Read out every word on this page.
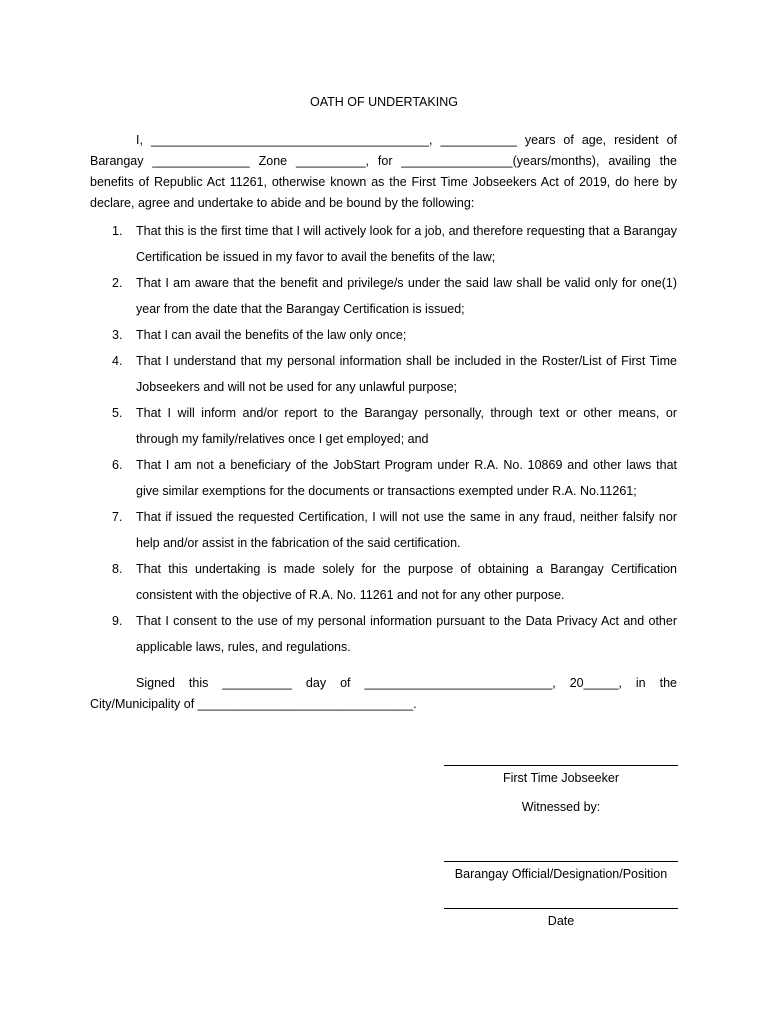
OATH OF UNDERTAKING
I, ________________________________________, ___________ years of age, resident of Barangay ______________ Zone __________, for ________________(years/months), availing the benefits of Republic Act 11261, otherwise known as the First Time Jobseekers Act of 2019, do here by declare, agree and undertake to abide and be bound by the following:
1. That this is the first time that I will actively look for a job, and therefore requesting that a Barangay Certification be issued in my favor to avail the benefits of the law;
2. That I am aware that the benefit and privilege/s under the said law shall be valid only for one(1) year from the date that the Barangay Certification is issued;
3. That I can avail the benefits of the law only once;
4. That I understand that my personal information shall be included in the Roster/List of First Time Jobseekers and will not be used for any unlawful purpose;
5. That I will inform and/or report to the Barangay personally, through text or other means, or through my family/relatives once I get employed; and
6. That I am not a beneficiary of the JobStart Program under R.A. No. 10869 and other laws that give similar exemptions for the documents or transactions exempted under R.A. No.11261;
7. That if issued the requested Certification, I will not use the same in any fraud, neither falsify nor help and/or assist in the fabrication of the said certification.
8. That this undertaking is made solely for the purpose of obtaining a Barangay Certification consistent with the objective of R.A. No. 11261 and not for any other purpose.
9. That I consent to the use of my personal information pursuant to the Data Privacy Act and other applicable laws, rules, and regulations.
Signed this __________ day of ___________________________, 20_____, in the City/Municipality of _______________________________.
First Time Jobseeker
Witnessed by:
Barangay Official/Designation/Position
Date
